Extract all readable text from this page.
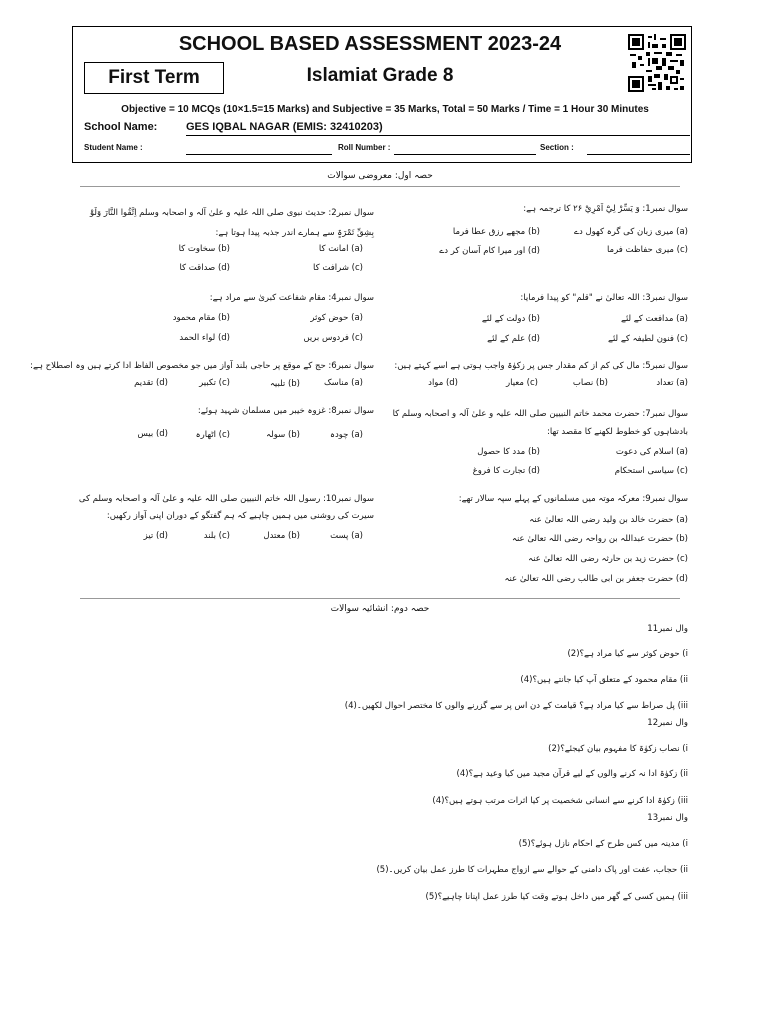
SCHOOL BASED ASSESSMENT 2023-24
First Term	Islamiat Grade 8
Objective = 10 MCQs (10×1.5=15 Marks) and Subjective = 35 Marks, Total = 50 Marks / Time = 1 Hour 30 Minutes
School Name:	GES IQBAL NAGAR (EMIS: 32410203)
Student Name :	Roll Number :	Section :
حصہ اول: معروضی سوالات
سوال نمبر1: وَ يَسِّرْ لِيْٓ اَمْرِيْ ۲۶ کا ترجمہ ہے:
(a) میری زبان کی گرہ کھول دے
(b) مجھے رزق عطا فرما
(c) میری حفاظت فرما
(d) اور میرا کام آسان کر دے
سوال نمبر2: حدیث نبوی صلی اللہ علیہ و علیٰ آلہ و اصحابہ وسلم اِتَّقُوا النَّارَ وَلَوْ بِشِقِّ تَمْرَۃٍ سے ہمارے اندر جذبہ پیدا ہوتا ہے:
(a) امانت کا
(b) سخاوت کا
(c) شرافت کا
(d) صداقت کا
سوال نمبر3: اللہ تعالیٰ نے "قلم" کو پیدا فرمایا:
(a) مدافعت کے لئے
(b) دولت کے لئے
(c) فنون لطیفہ کے لئے
(d) علم کے لئے
سوال نمبر4: مقام شفاعت کبریٰ سے مراد ہے:
(a) حوض کوثر
(b) مقام محمود
(c) فردوس بریں
(d) لواء الحمد
سوال نمبر5: مال کی کم از کم مقدار جس پر زکوٰۃ واجب ہوتی ہے اسے کہتے ہیں:
(a) تعداد
(b) نصاب
(c) معیار
(d) مواد
سوال نمبر6: حج کے موقع پر حاجی بلند آواز میں جو مخصوص الفاظ ادا کرتے ہیں وہ اصطلاح ہے:
(a) مناسک
(b) تلبیہ
(c) تکبیر
(d) تقدیم
سوال نمبر7: حضرت محمد خاتم النبیین صلی اللہ علیہ و علیٰ آلہ و اصحابہ وسلم کا بادشاہوں کو خطوط لکھنے کا مقصد تھا:
(a) اسلام کی دعوت
(b) مدد کا حصول
(c) سیاسی استحکام
(d) تجارت کا فروغ
سوال نمبر8: غزوہ خیبر میں مسلمان شہید ہوئے:
(a) چودہ
(b) سولہ
(c) اٹھارہ
(d) بیس
سوال نمبر9: معرکہ موتہ میں مسلمانوں کے پہلے سپہ سالار تھے:
(a) حضرت خالد بن ولید رضی اللہ تعالیٰ عنہ
(b) حضرت عبداللہ بن رواحہ رضی اللہ تعالیٰ عنہ
(c) حضرت زید بن حارثہ رضی اللہ تعالیٰ عنہ
(d) حضرت جعفر بن ابی طالب رضی اللہ تعالیٰ عنہ
سوال نمبر10: رسول اللہ خاتم النبیین صلی اللہ علیہ و علیٰ آلہ و اصحابہ وسلم کی سیرت کی روشنی میں ہمیں چاہیے کہ ہم گفتگو کے دوران اپنی آواز رکھیں:
(a) پست
(b) معتدل
(c) بلند
(d) تیز
حصہ دوم: انشائیہ سوالات
وال نمبر11
i) حوض کوثر سے کیا مراد ہے؟(2)
ii) مقام محمود کے متعلق آپ کیا جانتے ہیں؟(4)
iii) پل صراط سے کیا مراد ہے؟ قیامت کے دن اس پر سے گزرنے والوں کا مختصر احوال لکھیں۔(4)
وال نمبر12
i) نصاب زکوٰۃ کا مفہوم بیان کیجئے؟(2)
ii) زکوٰۃ ادا نہ کرنے والوں کے لیے قرآن مجید میں کیا وعید ہے؟(4)
iii) زکوٰۃ ادا کرنے سے انسانی شخصیت پر کیا اثرات مرتب ہوتے ہیں؟(4)
وال نمبر13
i) مدینہ میں کس طرح کے احکام نازل ہوئے؟(5)
ii) حجاب، عفت اور پاک دامنی کے حوالے سے ازواج مطہرات کا طرز عمل بیان کریں۔(5)
iii) ہمیں کسی کے گھر میں داخل ہوتے وقت کیا طرز عمل اپنانا چاہیے؟(5)
